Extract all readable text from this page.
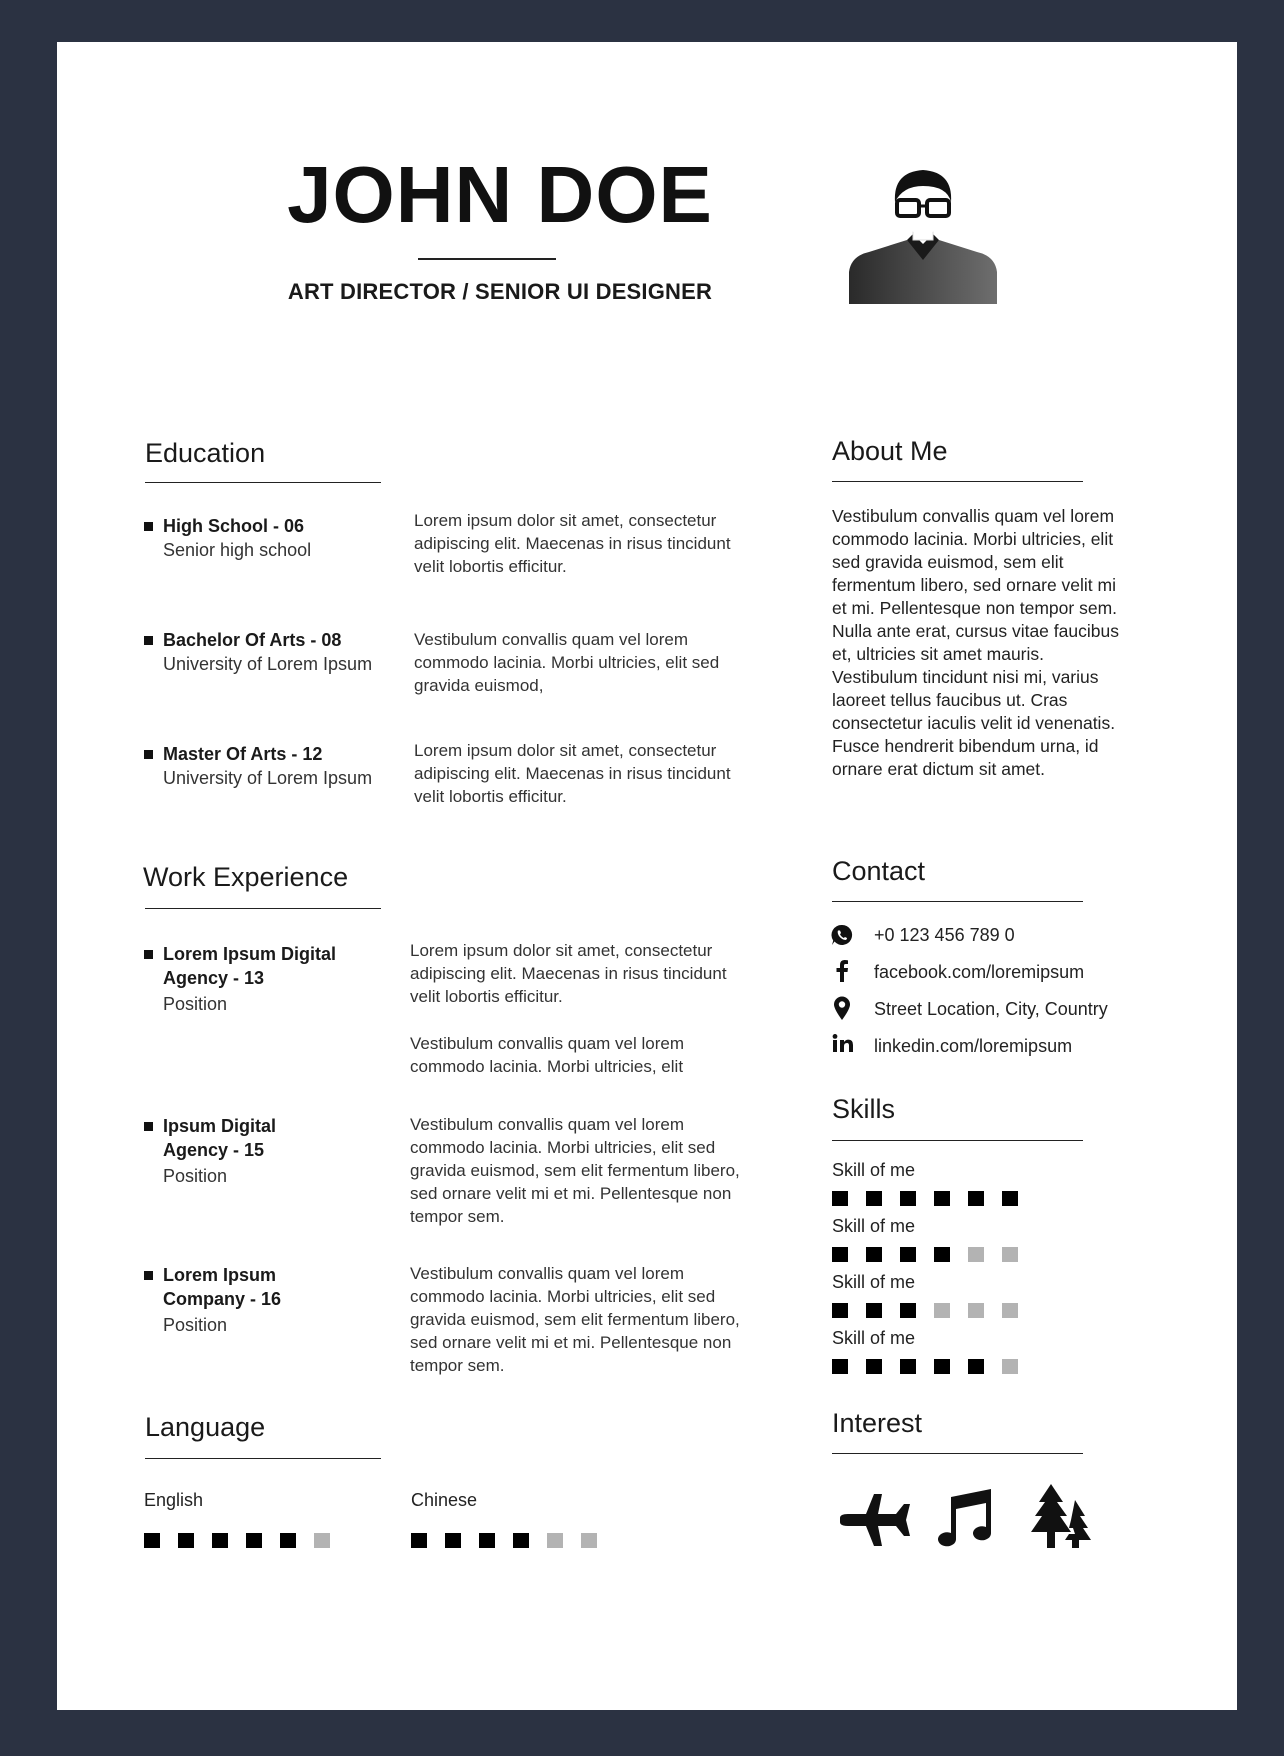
JOHN DOE
ART DIRECTOR / SENIOR UI DESIGNER
Education
High School - 06
Senior high school
Lorem ipsum dolor sit amet, consectetur adipiscing elit. Maecenas in risus tincidunt velit lobortis efficitur.
Bachelor Of Arts - 08
University of Lorem Ipsum
Vestibulum convallis quam vel lorem commodo lacinia. Morbi ultricies, elit sed gravida euismod,
Master Of Arts - 12
University of Lorem Ipsum
Lorem ipsum dolor sit amet, consectetur adipiscing elit. Maecenas in risus tincidunt velit lobortis efficitur.
Work Experience
Lorem Ipsum Digital
Agency - 13
Position
Lorem ipsum dolor sit amet, consectetur adipiscing elit. Maecenas in risus tincidunt velit lobortis efficitur.
Vestibulum convallis quam vel lorem commodo lacinia. Morbi ultricies, elit
Ipsum Digital
Agency - 15
Position
Vestibulum convallis quam vel lorem commodo lacinia. Morbi ultricies, elit sed gravida euismod, sem elit fermentum libero, sed ornare velit mi et mi. Pellentesque non tempor sem.
Lorem Ipsum
Company - 16
Position
Vestibulum convallis quam vel lorem commodo lacinia. Morbi ultricies, elit sed gravida euismod, sem elit fermentum libero, sed ornare velit mi et mi. Pellentesque non tempor sem.
Language
English	Chinese
About Me
Vestibulum convallis quam vel lorem commodo lacinia. Morbi ultricies, elit sed gravida euismod, sem elit fermentum libero, sed ornare velit mi et mi. Pellentesque non tempor sem. Nulla ante erat, cursus vitae faucibus et, ultricies sit amet mauris. Vestibulum tincidunt nisi mi, varius laoreet tellus faucibus ut. Cras consectetur iaculis velit id venenatis. Fusce hendrerit bibendum urna, id ornare erat dictum sit amet.
Contact
+0 123 456 789 0
facebook.com/loremipsum
Street Location, City, Country
linkedin.com/loremipsum
Skills
Skill of me
Skill of me
Skill of me
Skill of me
Interest
